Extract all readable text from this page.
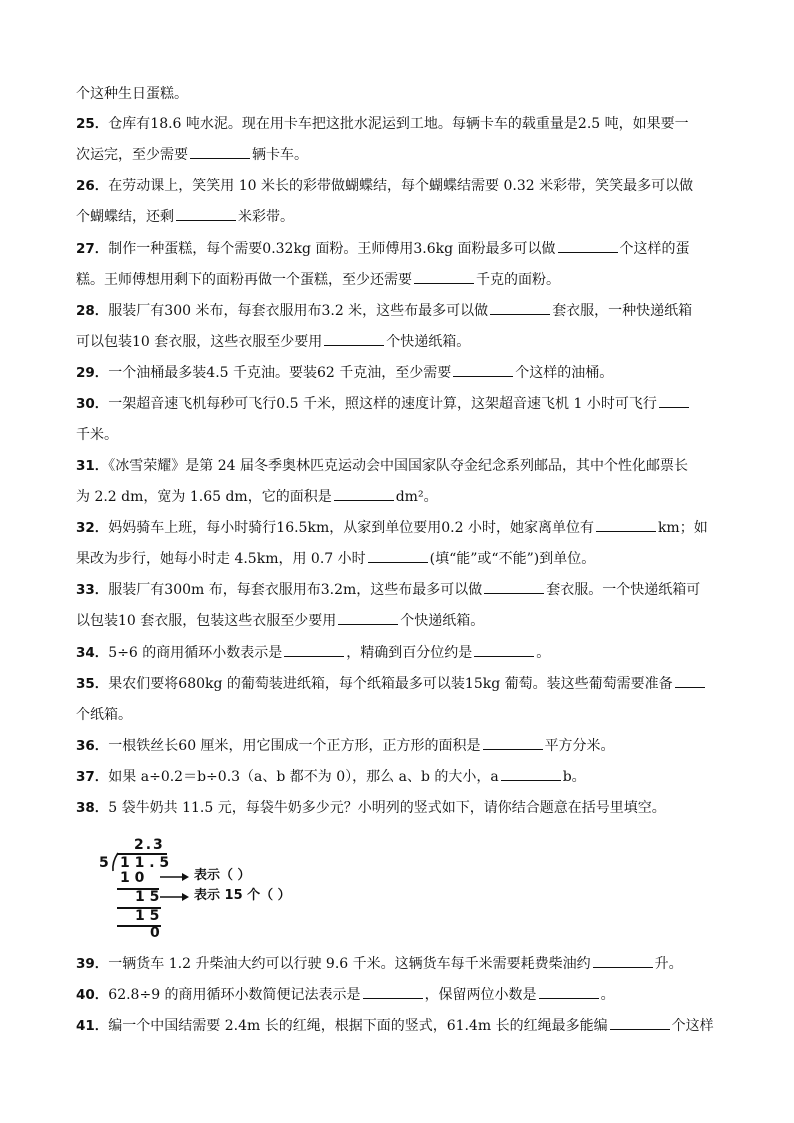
个这种生日蛋糕。
25．仓库有18.6 吨水泥。现在用卡车把这批水泥运到工地。每辆卡车的载重量是2.5 吨，如果要一
次运完，至少需要	辆卡车。
26．在劳动课上，笑笑用 10 米长的彩带做蝴蝶结，每个蝴蝶结需要 0.32 米彩带，笑笑最多可以做
个蝴蝶结，还剩	米彩带。
27．制作一种蛋糕，每个需要0.32kg 面粉。王师傅用3.6kg 面粉最多可以做	个这样的蛋
糕。王师傅想用剩下的面粉再做一个蛋糕，至少还需要	千克的面粉。
28．服装厂有300 米布，每套衣服用布3.2 米，这些布最多可以做	套衣服，一种快递纸箱
可以包装10 套衣服，这些衣服至少要用	个快递纸箱。
29．一个油桶最多装4.5 千克油。要装62 千克油，至少需要	个这样的油桶。
30．一架超音速飞机每秒可飞行0.5 千米，照这样的速度计算，这架超音速飞机 1 小时可飞行
千米。
31．《冰雪荣耀》是第 24 届冬季奥林匹克运动会中国国家队夺金纪念系列邮品，其中个性化邮票长
为 2.2 dm，宽为 1.65 dm，它的面积是	dm²。
32．妈妈骑车上班，每小时骑行16.5km，从家到单位要用0.2 小时，她家离单位有	km；如
果改为步行，她每小时走 4.5km，用 0.7 小时	(填“能”或“不能”)到单位。
33．服装厂有300m 布，每套衣服用布3.2m，这些布最多可以做	套衣服。一个快递纸箱可
以包装10 套衣服，包装这些衣服至少要用	个快递纸箱。
34．5÷6 的商用循环小数表示是	，精确到百分位约是	。
35．果农们要将680kg 的葡萄装进纸箱，每个纸箱最多可以装15kg 葡萄。装这些葡萄需要准备
个纸箱。
36．一根铁丝长60 厘米，用它围成一个正方形，正方形的面积是	平方分米。
37．如果 a÷0.2＝b÷0.3（a、b 都不为 0），那么 a、b 的大小，a	b。
38．5 袋牛奶共 11.5 元，每袋牛奶多少元？小明列的竖式如下，请你结合题意在括号里填空。
39．一辆货车 1.2 升柴油大约可以行驶 9.6 千米。这辆货车每千米需要耗费柴油约	升。
40．62.8÷9 的商用循环小数简便记法表示是	，保留两位小数是	。
41．编一个中国结需要 2.4m 长的红绳，根据下面的竖式，61.4m 长的红绳最多能编	个这样
2.3
5 1 1 . 5
1 0
1 5
1 5
0
表示（ ）
表示 15 个（ ）
